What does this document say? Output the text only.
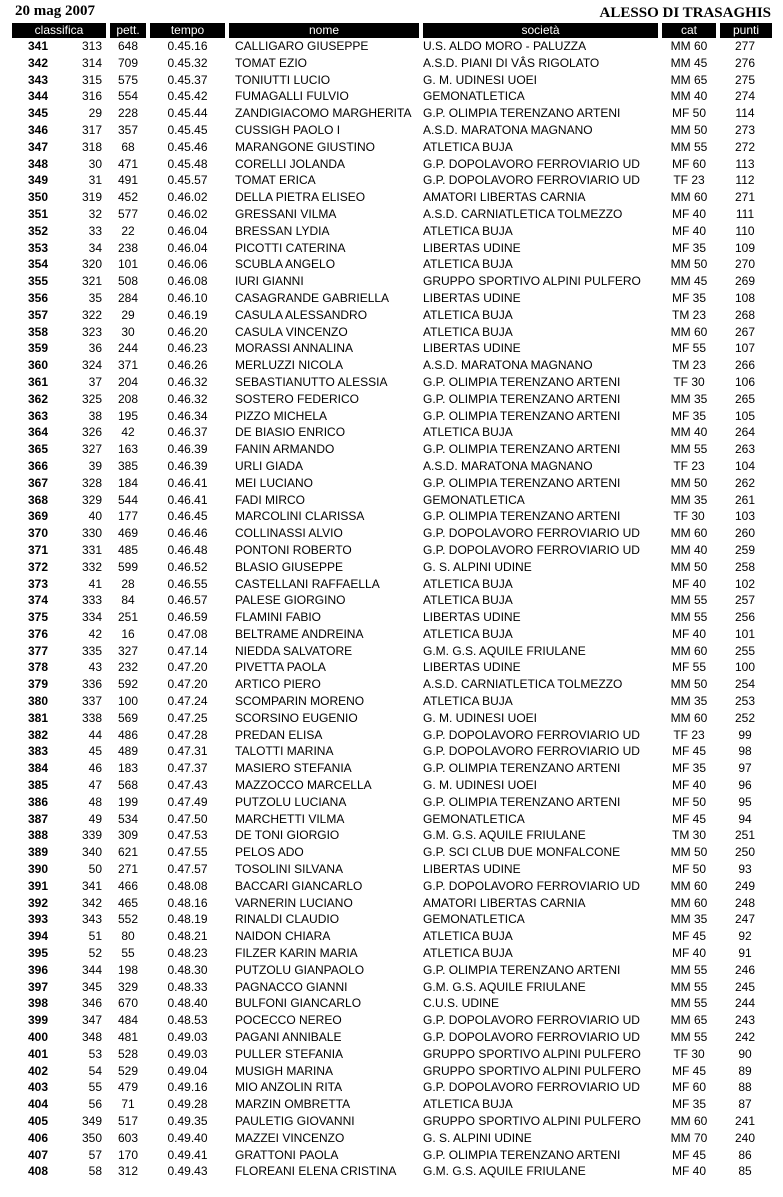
20 mag 2007	ALESSO DI TRASAGHIS
classifica		pett.	tempo	nome	società	cat	punti
341	313	648	0.45.16	CALLIGARO GIUSEPPE	U.S. ALDO MORO - PALUZZA	MM 60	277
342	314	709	0.45.32	TOMAT EZIO	A.S.D. PIANI DI VÂS RIGOLATO	MM 45	276
343	315	575	0.45.37	TONIUTTI LUCIO	G. M. UDINESI UOEI	MM 65	275
344	316	554	0.45.42	FUMAGALLI FULVIO	GEMONATLETICA	MM 40	274
345	29	228	0.45.44	ZANDIGIACOMO MARGHERITA	G.P. OLIMPIA TERENZANO ARTENI	MF 50	114
346	317	357	0.45.45	CUSSIGH PAOLO I	A.S.D. MARATONA MAGNANO	MM 50	273
347	318	68	0.45.46	MARANGONE GIUSTINO	ATLETICA BUJA	MM 55	272
348	30	471	0.45.48	CORELLI JOLANDA	G.P. DOPOLAVORO FERROVIARIO UD	MF 60	113
349	31	491	0.45.57	TOMAT ERICA	G.P. DOPOLAVORO FERROVIARIO UD	TF 23	112
350	319	452	0.46.02	DELLA PIETRA ELISEO	AMATORI LIBERTAS CARNIA	MM 60	271
351	32	577	0.46.02	GRESSANI VILMA	A.S.D. CARNIATLETICA TOLMEZZO	MF 40	111
352	33	22	0.46.04	BRESSAN LYDIA	ATLETICA BUJA	MF 40	110
353	34	238	0.46.04	PICOTTI CATERINA	LIBERTAS UDINE	MF 35	109
354	320	101	0.46.06	SCUBLA ANGELO	ATLETICA BUJA	MM 50	270
355	321	508	0.46.08	IURI GIANNI	GRUPPO SPORTIVO ALPINI PULFERO	MM 45	269
356	35	284	0.46.10	CASAGRANDE GABRIELLA	LIBERTAS UDINE	MF 35	108
357	322	29	0.46.19	CASULA ALESSANDRO	ATLETICA BUJA	TM 23	268
358	323	30	0.46.20	CASULA VINCENZO	ATLETICA BUJA	MM 60	267
359	36	244	0.46.23	MORASSI ANNALINA	LIBERTAS UDINE	MF 55	107
360	324	371	0.46.26	MERLUZZI NICOLA	A.S.D. MARATONA MAGNANO	TM 23	266
361	37	204	0.46.32	SEBASTIANUTTO ALESSIA	G.P. OLIMPIA TERENZANO ARTENI	TF 30	106
362	325	208	0.46.32	SOSTERO FEDERICO	G.P. OLIMPIA TERENZANO ARTENI	MM 35	265
363	38	195	0.46.34	PIZZO MICHELA	G.P. OLIMPIA TERENZANO ARTENI	MF 35	105
364	326	42	0.46.37	DE BIASIO ENRICO	ATLETICA BUJA	MM 40	264
365	327	163	0.46.39	FANIN ARMANDO	G.P. OLIMPIA TERENZANO ARTENI	MM 55	263
366	39	385	0.46.39	URLI GIADA	A.S.D. MARATONA MAGNANO	TF 23	104
367	328	184	0.46.41	MEI LUCIANO	G.P. OLIMPIA TERENZANO ARTENI	MM 50	262
368	329	544	0.46.41	FADI MIRCO	GEMONATLETICA	MM 35	261
369	40	177	0.46.45	MARCOLINI CLARISSA	G.P. OLIMPIA TERENZANO ARTENI	TF 30	103
370	330	469	0.46.46	COLLINASSI ALVIO	G.P. DOPOLAVORO FERROVIARIO UD	MM 60	260
371	331	485	0.46.48	PONTONI ROBERTO	G.P. DOPOLAVORO FERROVIARIO UD	MM 40	259
372	332	599	0.46.52	BLASIO GIUSEPPE	G. S. ALPINI UDINE	MM 50	258
373	41	28	0.46.55	CASTELLANI RAFFAELLA	ATLETICA BUJA	MF 40	102
374	333	84	0.46.57	PALESE GIORGINO	ATLETICA BUJA	MM 55	257
375	334	251	0.46.59	FLAMINI FABIO	LIBERTAS UDINE	MM 55	256
376	42	16	0.47.08	BELTRAME ANDREINA	ATLETICA BUJA	MF 40	101
377	335	327	0.47.14	NIEDDA SALVATORE	G.M. G.S. AQUILE FRIULANE	MM 60	255
378	43	232	0.47.20	PIVETTA PAOLA	LIBERTAS UDINE	MF 55	100
379	336	592	0.47.20	ARTICO PIERO	A.S.D. CARNIATLETICA TOLMEZZO	MM 50	254
380	337	100	0.47.24	SCOMPARIN MORENO	ATLETICA BUJA	MM 35	253
381	338	569	0.47.25	SCORSINO EUGENIO	G. M. UDINESI UOEI	MM 60	252
382	44	486	0.47.28	PREDAN ELISA	G.P. DOPOLAVORO FERROVIARIO UD	TF 23	99
383	45	489	0.47.31	TALOTTI MARINA	G.P. DOPOLAVORO FERROVIARIO UD	MF 45	98
384	46	183	0.47.37	MASIERO STEFANIA	G.P. OLIMPIA TERENZANO ARTENI	MF 35	97
385	47	568	0.47.43	MAZZOCCO MARCELLA	G. M. UDINESI UOEI	MF 40	96
386	48	199	0.47.49	PUTZOLU LUCIANA	G.P. OLIMPIA TERENZANO ARTENI	MF 50	95
387	49	534	0.47.50	MARCHETTI VILMA	GEMONATLETICA	MF 45	94
388	339	309	0.47.53	DE TONI GIORGIO	G.M. G.S. AQUILE FRIULANE	TM 30	251
389	340	621	0.47.55	PELOS ADO	G.P. SCI CLUB DUE MONFALCONE	MM 50	250
390	50	271	0.47.57	TOSOLINI SILVANA	LIBERTAS UDINE	MF 50	93
391	341	466	0.48.08	BACCARI GIANCARLO	G.P. DOPOLAVORO FERROVIARIO UD	MM 60	249
392	342	465	0.48.16	VARNERIN LUCIANO	AMATORI LIBERTAS CARNIA	MM 60	248
393	343	552	0.48.19	RINALDI CLAUDIO	GEMONATLETICA	MM 35	247
394	51	80	0.48.21	NAIDON CHIARA	ATLETICA BUJA	MF 45	92
395	52	55	0.48.23	FILZER KARIN MARIA	ATLETICA BUJA	MF 40	91
396	344	198	0.48.30	PUTZOLU GIANPAOLO	G.P. OLIMPIA TERENZANO ARTENI	MM 55	246
397	345	329	0.48.33	PAGNACCO GIANNI	G.M. G.S. AQUILE FRIULANE	MM 55	245
398	346	670	0.48.40	BULFONI GIANCARLO	C.U.S. UDINE	MM 55	244
399	347	484	0.48.53	POCECCO NEREO	G.P. DOPOLAVORO FERROVIARIO UD	MM 65	243
400	348	481	0.49.03	PAGANI ANNIBALE	G.P. DOPOLAVORO FERROVIARIO UD	MM 55	242
401	53	528	0.49.03	PULLER STEFANIA	GRUPPO SPORTIVO ALPINI PULFERO	TF 30	90
402	54	529	0.49.04	MUSIGH MARINA	GRUPPO SPORTIVO ALPINI PULFERO	MF 45	89
403	55	479	0.49.16	MIO ANZOLIN RITA	G.P. DOPOLAVORO FERROVIARIO UD	MF 60	88
404	56	71	0.49.28	MARZIN OMBRETTA	ATLETICA BUJA	MF 35	87
405	349	517	0.49.35	PAULETIG GIOVANNI	GRUPPO SPORTIVO ALPINI PULFERO	MM 60	241
406	350	603	0.49.40	MAZZEI VINCENZO	G. S. ALPINI UDINE	MM 70	240
407	57	170	0.49.41	GRATTONI PAOLA	G.P. OLIMPIA TERENZANO ARTENI	MF 45	86
408	58	312	0.49.43	FLOREANI ELENA CRISTINA	G.M. G.S. AQUILE FRIULANE	MF 40	85
